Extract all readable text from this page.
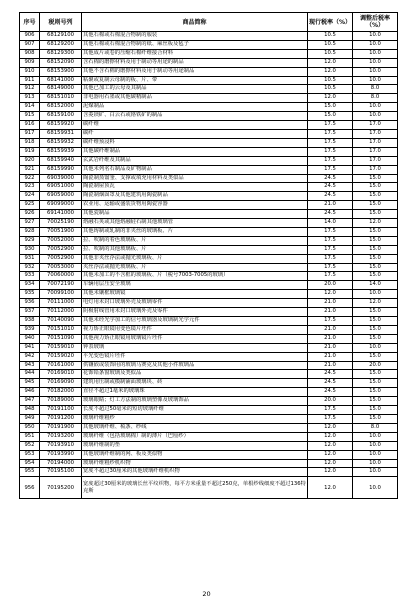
序号	税则号列	商品简称	现行税率（%）	调整后税率（%）
906	68129100	其他石棉或石棉混合物制的服装	10.5	10.0
907	68129200	其他石棉或石棉混合物制的纸、麻丝板及毡子	10.5	10.0
908	68129300	其他成片或卷的压缩石棉纤维接合材料	10.5	10.0
909	68152090	含石棉的磨擦材料及用于制动等用途的制品	12.0	10.0
910	68153900	其他不含石棉的磨擦材料及用于制动等用途制品	12.0	10.0
911	68141000	粘聚或复制云母制的板、片、带	10.5	10.0
912	68149000	其他已加工的云母及其制品	10.5	8.0
913	68151010	非电器用石墨或其他碳精制品	12.0	8.0
914	68152000	泥煤制品	15.0	10.0
915	68159100	含菱镁矿、白云石或铬铁矿的制品	15.0	10.0
916	68159920	碳纤维	17.5	17.0
917	68159931	碳纤	17.5	17.0
918	68159932	碳纤维预浸料	17.5	17.0
919	68159939	其他碳纤维制品	17.5	17.0
920	68159940	玄武岩纤维及其制品	17.5	17.0
921	68159990	其他未列名石制品及矿物制品	17.5	17.0
922	69039000	陶瓷制蒸馏釜、支撑或填充用材料及类似品	24.5	15.0
923	69051000	陶瓷制屋顶瓦	24.5	15.0
924	69059000	陶瓷制烟囱罩及其他建筑用陶瓷制品	24.5	15.0
925	69099000	农业用、运输或盛装货物用陶瓷容器	21.0	15.0
926	69141000	其他瓷制品	24.5	15.0
927	70025190	熔融石英或其他熔融硅石制其他玻璃管	14.0	12.0
928	70051900	其他铸制或轧制的非夹丝的玻璃板、片	17.5	15.0
929	70052000	拉、吹制的着色玻璃板、片	17.5	15.0
930	70052900	拉、吹制的其他玻璃板、片	17.5	15.0
931	70052900	其他非夹丝浮法或抛光玻璃板、片	17.5	15.0
932	70053000	夹丝浮法或抛光玻璃板、片	17.5	15.0
933	70060000	其他未加工的不含框的玻璃板、片（税号7003-7005的玻璃）	17.5	15.0
934	70072190	车辆用层压安全玻璃	20.0	14.0
935	70099100	其他未镶框玻璃镜	12.0	10.0
936	70111000	电灯用未封口玻璃外壳及玻璃零件	21.0	12.0
937	70112000	阴极射线管用未封口玻璃外壳及零件	21.0	15.0
938	70140090	其他未经光学加工的信号玻璃器及玻璃制光学元件	17.5	15.0
939	70151010	视力矫正眼镜用变色镜片坯件	21.0	15.0
940	70151090	其他视力矫正眼镜用玻璃镜片坯件	21.0	15.0
941	70159010	钟表玻璃	21.0	10.0
942	70159020	平光变色镜片坯件	21.0	15.0
943	70161000	供镶嵌或装饰用的玻璃马赛克及其他小件玻璃品	21.0	20.0
944	70169010	花饰铅条窗玻璃及类似品	24.5	15.0
945	70169090	建筑用压制或模制铺面玻璃块、砖	24.5	15.0
946	70182000	直径不超过1毫米的玻璃珠	24.5	15.0
947	70189000	玻璃眼睛；灯工方法制的玻璃塑像及玻璃饰品	20.0	15.0
948	70191100	长度不超过50毫米的短切玻璃纤维	17.5	15.0
949	70191200	玻璃纤维粗纱	17.5	15.0
950	70191900	其他玻璃纤维、梳条、纱线	12.0	8.0
951	70193200	玻璃纤维（包括玻璃棉）制的薄片（巴厘纱）	12.0	10.0
952	70193910	玻璃纤维制的垫	12.0	10.0
953	70193990	其他玻璃纤维制的网、板及类似物	12.0	10.0
954	70194000	玻璃纤维粗纱机织物	12.0	10.0
955	70195100	宽度不超过30厘米的其他玻璃纤维机织物	12.0	10.0
956	70195200	宽度超过30厘米的玻璃长丝平纹织物，每平方米重量不超过250克，单根纱线细度不超过136特克斯	12.0	10.0
20
